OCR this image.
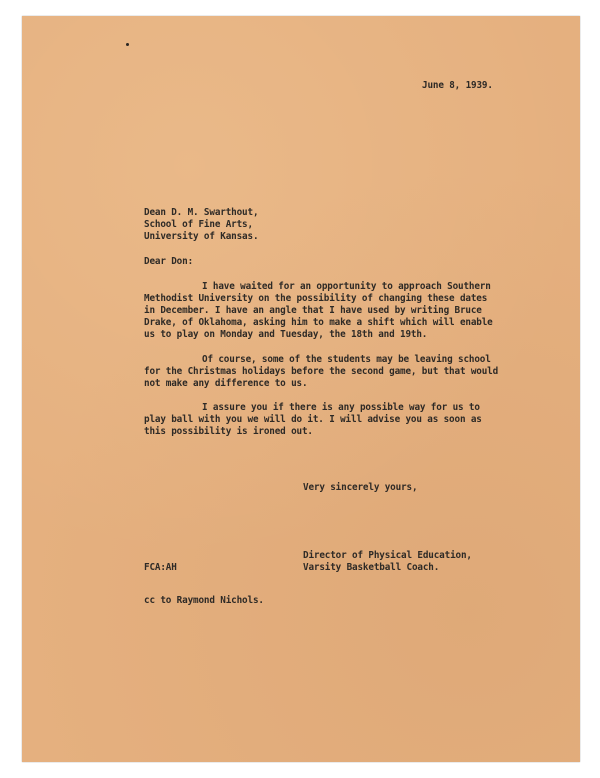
June 8, 1939.
Dean D. M. Swarthout,
School of Fine Arts,
University of Kansas.
Dear Don:
I have waited for an opportunity to approach Southern
Methodist University on the possibility of changing these dates
in December. I have an angle that I have used by writing Bruce
Drake, of Oklahoma, asking him to make a shift which will enable
us to play on Monday and Tuesday, the 18th and 19th.
Of course, some of the students may be leaving school
for the Christmas holidays before the second game, but that would
not make any difference to us.
I assure you if there is any possible way for us to
play ball with you we will do it. I will advise you as soon as
this possibility is ironed out.
Very sincerely yours,
Director of Physical Education,
Varsity Basketball Coach.
FCA:AH
cc to Raymond Nichols.
